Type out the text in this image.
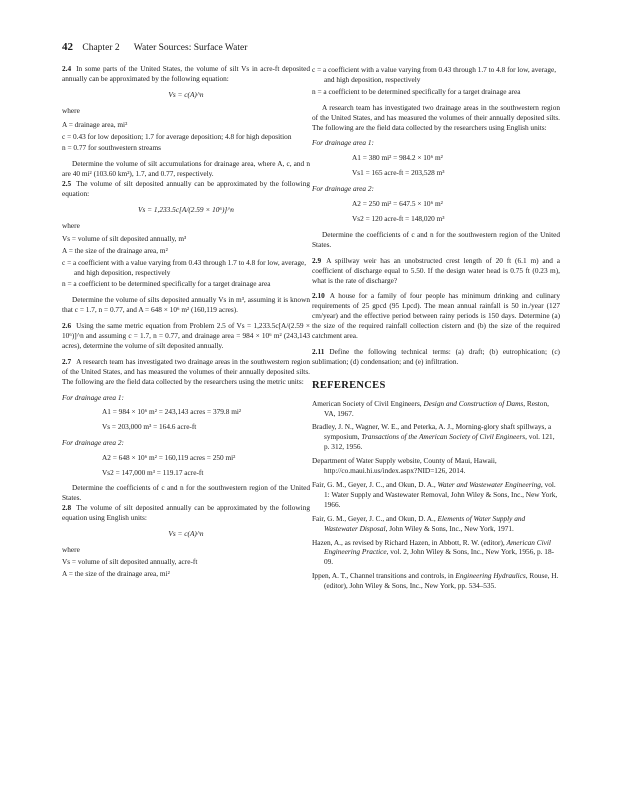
42 Chapter 2 Water Sources: Surface Water

2.4 In some parts of the United States, the volume of silt Vs in acre-ft deposited annually can be approximated by the following equation:

Vs = c(A)^n

where

A = drainage area, mi²

c = 0.43 for low deposition; 1.7 for average deposition; 4.8 for high deposition

n = 0.77 for southwestern streams

Determine the volume of silt accumulations for drainage area, where A, c, and n are 40 mi² (103.60 km²), 1.7, and 0.77, respectively.

2.5 The volume of silt deposited annually can be approximated by the following equation:

Vs = 1,233.5c[A/(2.59 × 10⁶)]^n

where

Vs = volume of silt deposited annually, m³

A = the size of the drainage area, m²

c = a coefficient with a value varying from 0.43 through 1.7 to 4.8 for low, average, and high deposition, respectively

n = a coefficient to be determined specifically for a target drainage area

Determine the volume of silts deposited annually Vs in m³, assuming it is known that c = 1.7, n = 0.77, and A = 648 × 10⁶ m² (160,119 acres).

2.6 Using the same metric equation from Problem 2.5 of Vs = 1,233.5c[A/(2.59 × 10⁶)]^n and assuming c = 1.7, n = 0.77, and drainage area = 984 × 10⁶ m² (243,143 acres), determine the volume of silt deposited annually.

2.7 A research team has investigated two drainage areas in the southwestern region of the United States, and has measured the volumes of their annually deposited silts. The following are the field data collected by the researchers using the metric units:

For drainage area 1:

A1 = 984 × 10⁶ m² = 243,143 acres = 379.8 mi²

Vs = 203,000 m³ = 164.6 acre-ft

For drainage area 2:

A2 = 648 × 10⁶ m² = 160,119 acres = 250 mi²

Vs2 = 147,000 m³ = 119.17 acre-ft

Determine the coefficients of c and n for the southwestern region of the United States.

2.8 The volume of silt deposited annually can be approximated by the following equation using English units:

Vs = c(A)^n

where

Vs = volume of silt deposited annually, acre-ft

A = the size of the drainage area, mi²

c = a coefficient with a value varying from 0.43 through 1.7 to 4.8 for low, average, and high deposition, respectively

n = a coefficient to be determined specifically for a target drainage area

A research team has investigated two drainage areas in the southwestern region of the United States, and has measured the volumes of their annually deposited silts. The following are the field data collected by the researchers using English units:

For drainage area 1:

A1 = 380 mi² = 984.2 × 10⁶ m²

Vs1 = 165 acre-ft = 203,528 m³

For drainage area 2:

A2 = 250 mi² = 647.5 × 10⁶ m²

Vs2 = 120 acre-ft = 148,020 m³

Determine the coefficients of c and n for the southwestern region of the United States.

2.9 A spillway weir has an unobstructed crest length of 20 ft (6.1 m) and a coefficient of discharge equal to 5.50. If the design water head is 0.75 ft (0.23 m), what is the rate of discharge?

2.10 A house for a family of four people has minimum drinking and culinary requirements of 25 gpcd (95 Lpcd). The mean annual rainfall is 50 in./year (127 cm/year) and the effective period between rainy periods is 150 days. Determine (a) the size of the required rainfall collection cistern and (b) the size of the required catchment area.

2.11 Define the following technical terms: (a) draft; (b) eutrophication; (c) sublimation; (d) condensation; and (e) infiltration.

REFERENCES

American Society of Civil Engineers, Design and Construction of Dams, Reston, VA, 1967.

Bradley, J. N., Wagner, W. E., and Peterka, A. J., Morning-glory shaft spillways, a symposium, Transactions of the American Society of Civil Engineers, vol. 121, p. 312, 1956.

Department of Water Supply website, County of Maui, Hawaii, http://co.maui.hi.us/index.aspx?NID=126, 2014.

Fair, G. M., Geyer, J. C., and Okun, D. A., Water and Wastewater Engineering, vol. 1: Water Supply and Wastewater Removal, John Wiley & Sons, Inc., New York, 1966.

Fair, G. M., Geyer, J. C., and Okun, D. A., Elements of Water Supply and Wastewater Disposal, John Wiley & Sons, Inc., New York, 1971.

Hazen, A., as revised by Richard Hazen, in Abbott, R. W. (editor), American Civil Engineering Practice, vol. 2, John Wiley & Sons, Inc., New York, 1956, p. 18-09.

Ippen, A. T., Channel transitions and controls, in Engineering Hydraulics, Rouse, H. (editor), John Wiley & Sons, Inc., New York, pp. 534–535.
